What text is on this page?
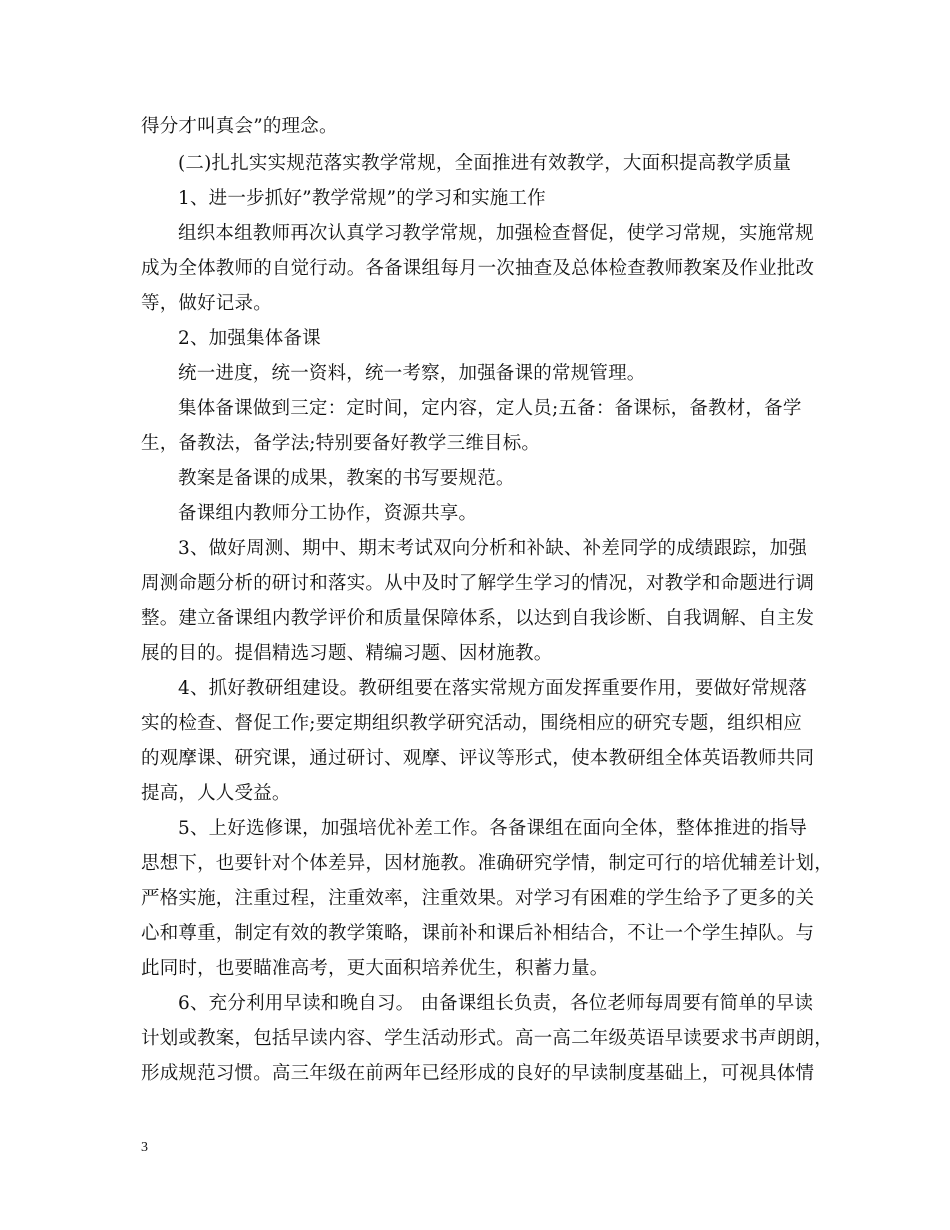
得分才叫真会”的理念。
(二)扎扎实实规范落实教学常规，全面推进有效教学，大面积提高教学质量
1、进一步抓好”教学常规”的学习和实施工作
组织本组教师再次认真学习教学常规，加强检查督促，使学习常规，实施常规
成为全体教师的自觉行动。各备课组每月一次抽查及总体检查教师教案及作业批改
等，做好记录。
2、加强集体备课
统一进度，统一资料，统一考察，加强备课的常规管理。
集体备课做到三定：定时间，定内容，定人员;五备：备课标，备教材，备学
生，备教法，备学法;特别要备好教学三维目标。
教案是备课的成果，教案的书写要规范。
备课组内教师分工协作，资源共享。
3、做好周测、期中、期末考试双向分析和补缺、补差同学的成绩跟踪，加强
周测命题分析的研讨和落实。从中及时了解学生学习的情况，对教学和命题进行调
整。建立备课组内教学评价和质量保障体系，以达到自我诊断、自我调解、自主发
展的目的。提倡精选习题、精编习题、因材施教。
4、抓好教研组建设。教研组要在落实常规方面发挥重要作用，要做好常规落
实的检查、督促工作;要定期组织教学研究活动，围绕相应的研究专题，组织相应
的观摩课、研究课，通过研讨、观摩、评议等形式，使本教研组全体英语教师共同
提高，人人受益。
5、上好选修课，加强培优补差工作。各备课组在面向全体，整体推进的指导
思想下，也要针对个体差异，因材施教。准确研究学情，制定可行的培优辅差计划，
严格实施，注重过程，注重效率，注重效果。对学习有困难的学生给予了更多的关
心和尊重，制定有效的教学策略，课前补和课后补相结合，不让一个学生掉队。与
此同时，也要瞄准高考，更大面积培养优生，积蓄力量。
6、充分利用早读和晚自习。 由备课组长负责，各位老师每周要有简单的早读
计划或教案，包括早读内容、学生活动形式。高一高二年级英语早读要求书声朗朗，
形成规范习惯。高三年级在前两年已经形成的良好的早读制度基础上，可视具体情
3
